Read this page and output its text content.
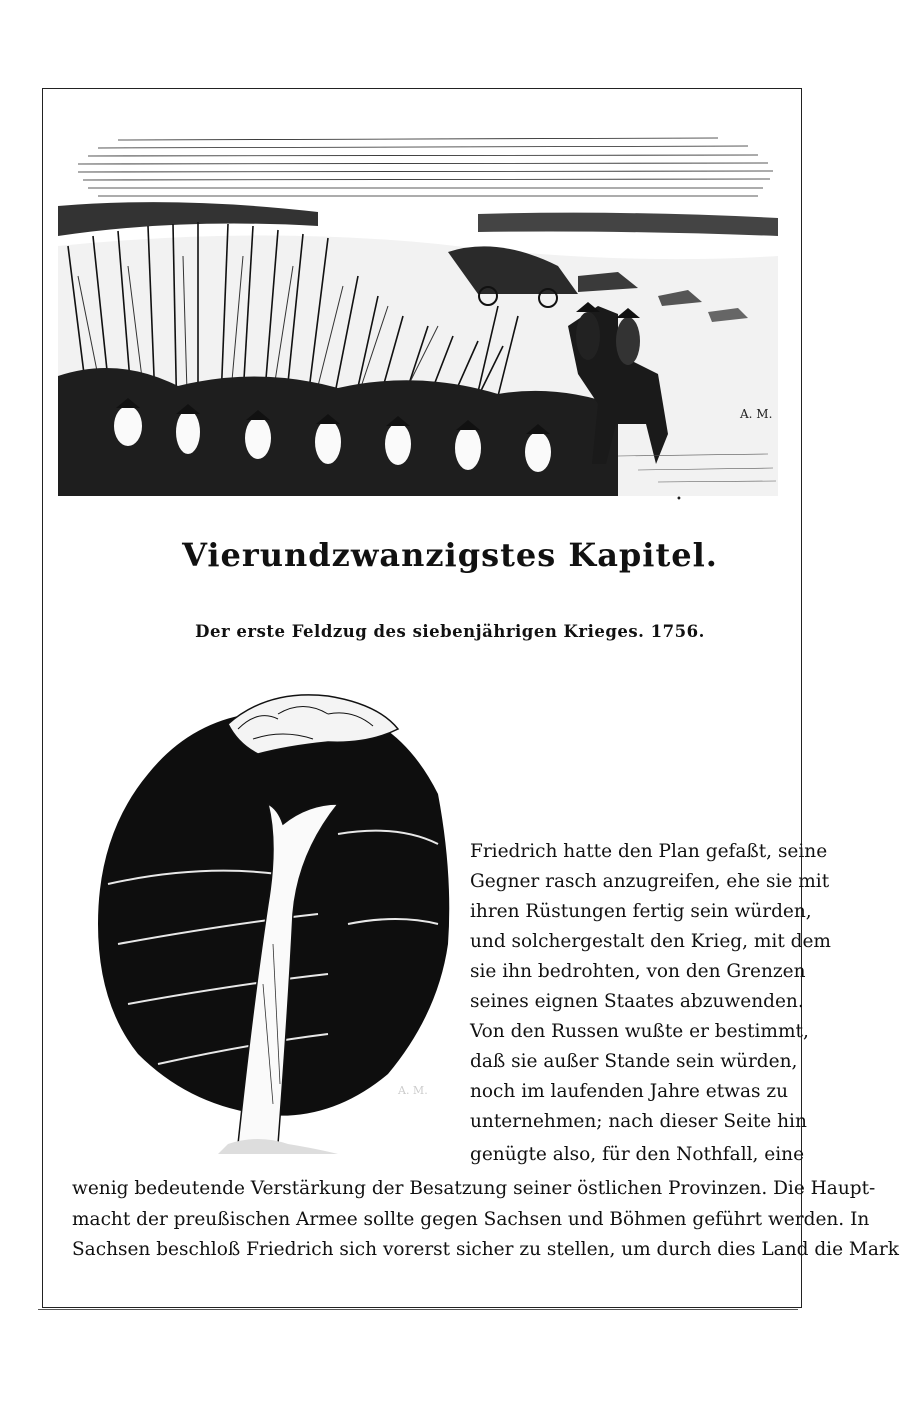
A. M.
•
Vierundzwanzigstes Kapitel.
Der erste Feldzug des siebenjährigen Krieges. 1756.
A. M.
Friedrich hatte den Plan gefaßt, seine
Gegner rasch anzugreifen, ehe sie mit
ihren Rüstungen fertig sein würden,
und solchergestalt den Krieg, mit dem
sie ihn bedrohten, von den Grenzen
seines eignen Staates abzuwenden.
Von den Russen wußte er bestimmt,
daß sie außer Stande sein würden,
noch im laufenden Jahre etwas zu
unternehmen; nach dieser Seite hin
genügte also, für den Nothfall, eine
wenig bedeutende Verstärkung der Besatzung seiner östlichen Provinzen. Die Haupt-
macht der preußischen Armee sollte gegen Sachsen und Böhmen geführt werden. In
Sachsen beschloß Friedrich sich vorerst sicher zu stellen, um durch dies Land die Mark
